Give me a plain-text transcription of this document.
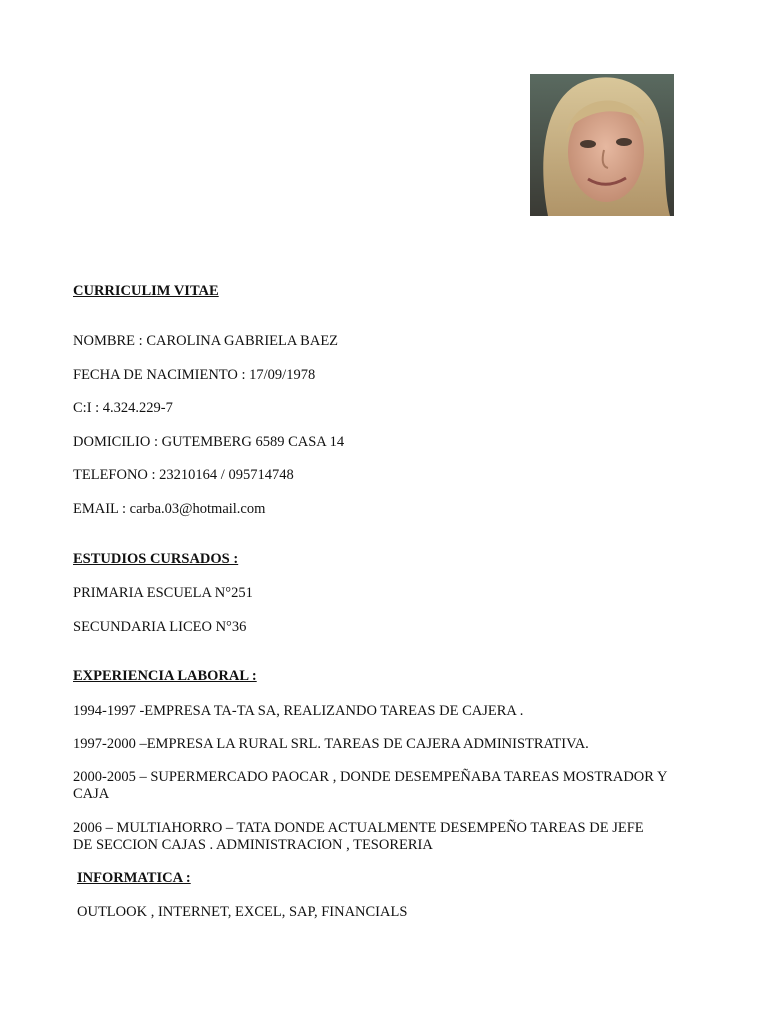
CURRICULIM VITAE
NOMBRE : CAROLINA GABRIELA BAEZ
FECHA DE NACIMIENTO : 17/09/1978
C:I : 4.324.229-7
DOMICILIO : GUTEMBERG 6589 CASA 14
TELEFONO : 23210164 / 095714748
EMAIL : carba.03@hotmail.com
ESTUDIOS CURSADOS :
PRIMARIA ESCUELA N°251
SECUNDARIA LICEO N°36
EXPERIENCIA LABORAL :
1994-1997 -EMPRESA TA-TA SA, REALIZANDO TAREAS DE CAJERA .
1997-2000 –EMPRESA LA RURAL SRL. TAREAS DE CAJERA ADMINISTRATIVA.
2000-2005 – SUPERMERCADO PAOCAR , DONDE DESEMPEÑABA TAREAS MOSTRADOR Y CAJA
2006 – MULTIAHORRO – TATA DONDE ACTUALMENTE DESEMPEÑO TAREAS DE JEFE DE SECCION CAJAS . ADMINISTRACION , TESORERIA
INFORMATICA :
OUTLOOK , INTERNET, EXCEL, SAP, FINANCIALS
